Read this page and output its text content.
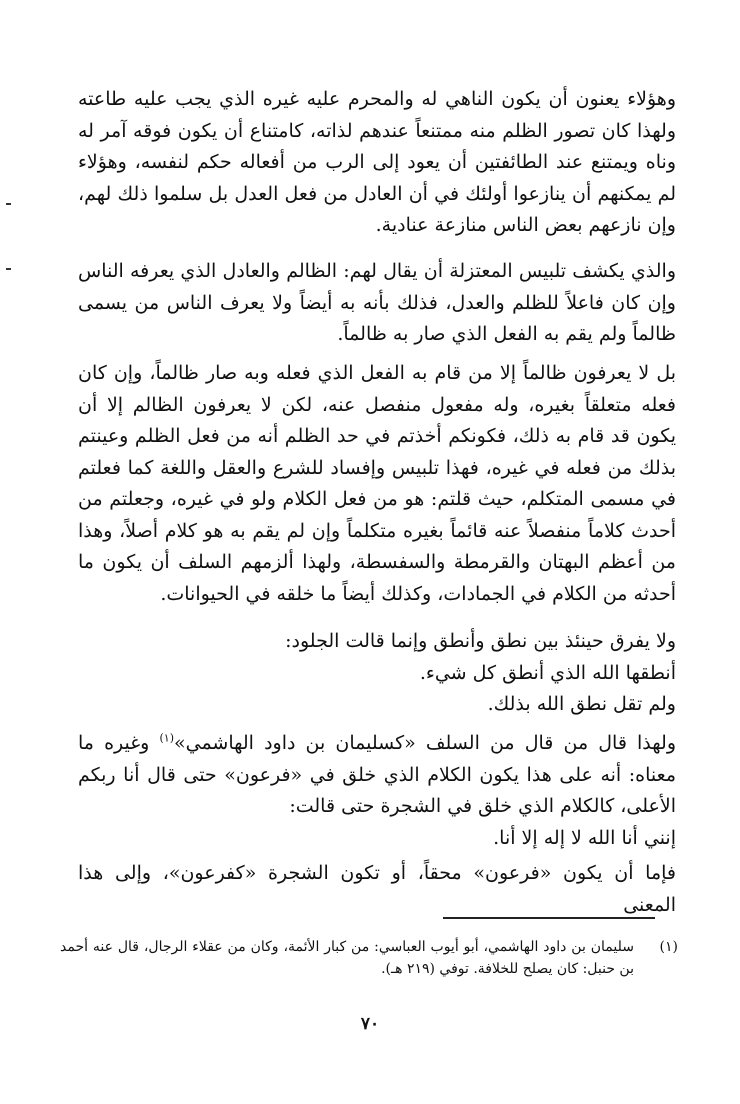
وهؤلاء يعنون أن يكون الناهي له والمحرم عليه غيره الذي يجب عليه طاعته ولهذا كان تصور الظلم منه ممتنعاً عندهم لذاته، كامتناع أن يكون فوقه آمر له وناه ويمتنع عند الطائفتين أن يعود إلى الرب من أفعاله حكم لنفسه، وهؤلاء لم يمكنهم أن ينازعوا أولئك في أن العادل من فعل العدل بل سلموا ذلك لهم، وإن نازعهم بعض الناس منازعة عنادية.

والذي يكشف تلبيس المعتزلة أن يقال لهم: الظالم والعادل الذي يعرفه الناس وإن كان فاعلاً للظلم والعدل، فذلك بأنه به أيضاً ولا يعرف الناس من يسمى ظالماً ولم يقم به الفعل الذي صار به ظالماً.

بل لا يعرفون ظالماً إلا من قام به الفعل الذي فعله وبه صار ظالماً، وإن كان فعله متعلقاً بغيره، وله مفعول منفصل عنه، لكن لا يعرفون الظالم إلا أن يكون قد قام به ذلك، فكونكم أخذتم في حد الظلم أنه من فعل الظلم وعينتم بذلك من فعله في غيره، فهذا تلبيس وإفساد للشرع والعقل واللغة كما فعلتم في مسمى المتكلم، حيث قلتم: هو من فعل الكلام ولو في غيره، وجعلتم من أحدث كلاماً منفصلاً عنه قائماً بغيره متكلماً وإن لم يقم به هو كلام أصلاً، وهذا من أعظم البهتان والقرمطة والسفسطة، ولهذا ألزمهم السلف أن يكون ما أحدثه من الكلام في الجمادات، وكذلك أيضاً ما خلقه في الحيوانات.

ولا يفرق حينئذ بين نطق وأنطق وإنما قالت الجلود:

أنطقها الله الذي أنطق كل شيء.

ولم تقل نطق الله بذلك.

ولهذا قال من قال من السلف «كسليمان بن داود الهاشمي»$^{(١)}$ وغيره ما معناه: أنه على هذا يكون الكلام الذي خلق في «فرعون» حتى قال أنا ربكم الأعلى، كالكلام الذي خلق في الشجرة حتى قالت:

إنني أنا الله لا إله إلا أنا.

فإما أن يكون «فرعون» محقاً، أو تكون الشجرة «كفرعون»، وإلى هذا المعنى

(١)
سليمان بن داود الهاشمي، أبو أيوب العباسي: من كبار الأئمة، وكان من عقلاء الرجال، قال عنه أحمد بن حنبل: كان يصلح للخلافة. توفي (٢١٩ هـ).
٧٠
